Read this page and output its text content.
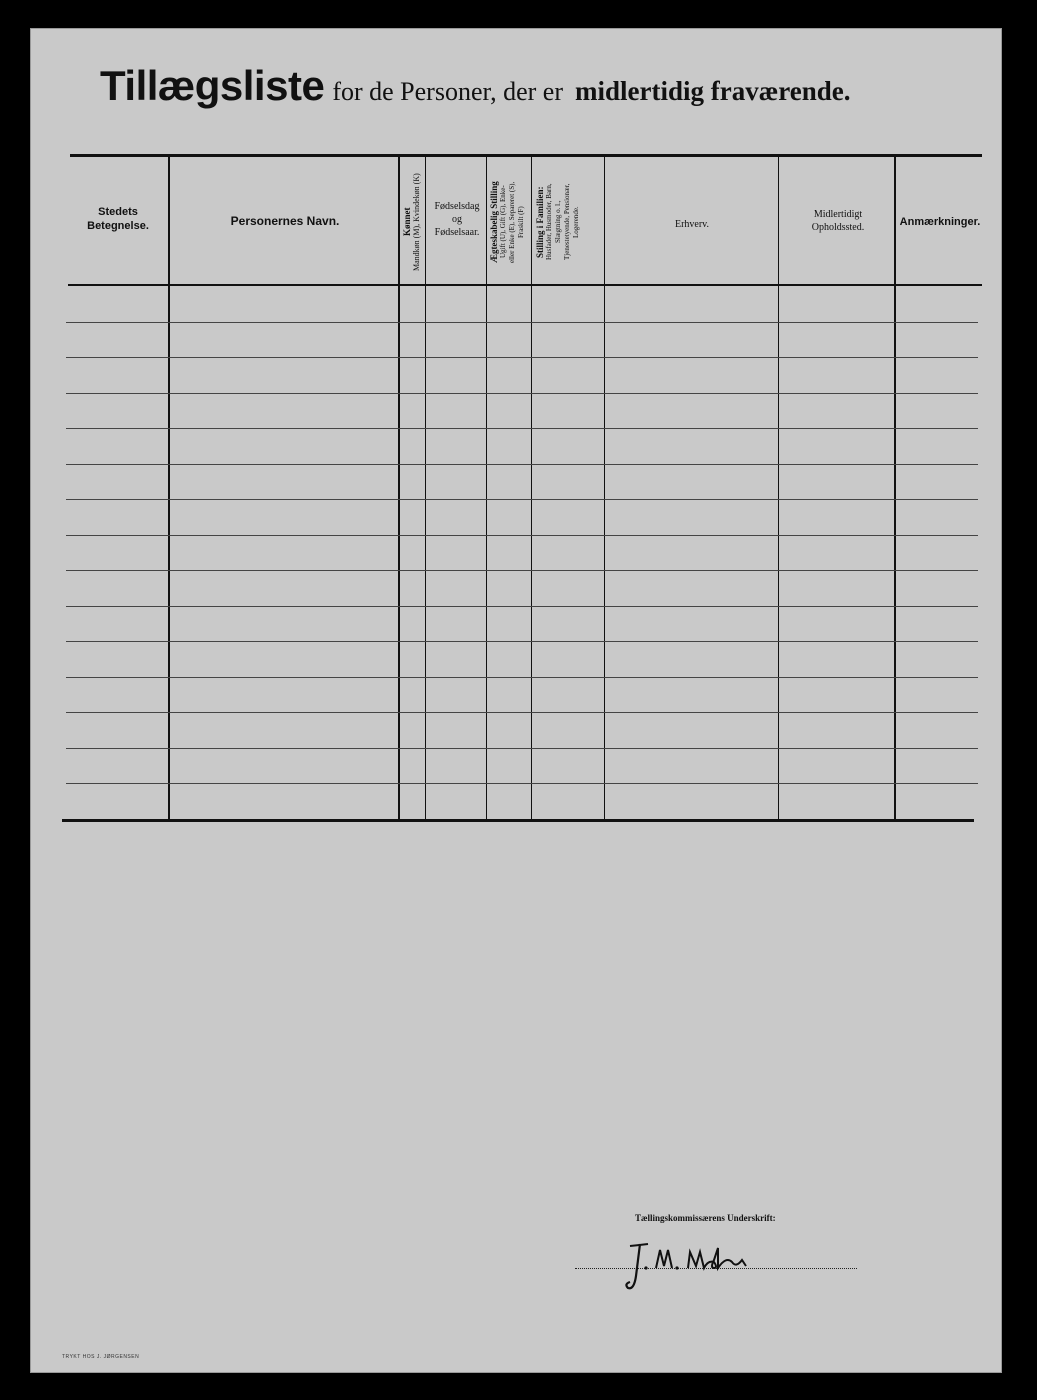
Tillægsliste for de Personer, der er midlertidig fraværende.
Stedets
Betegnelse.	Personernes Navn.	Kønnet
Mandkøn (M), Kvindekøn (K)	Fødselsdag
og
Fødselsaar.	Ægteskabelig Stilling
Ugift (U), Gift (G), Enke-
eller Enke (E), Separeret (S),
Fraskilt (F)	Stilling i Familien:
Husfader, Husmoder, Barn,
Slægtning o. l.,
Tjenestetyende, Pensionær,
Logerende.	Erhverv.
Midlertidigt
Opholdssted.	Anmærkninger.
Tællingskommissærens Underskrift:
TRYKT HOS J. JØRGENSEN
